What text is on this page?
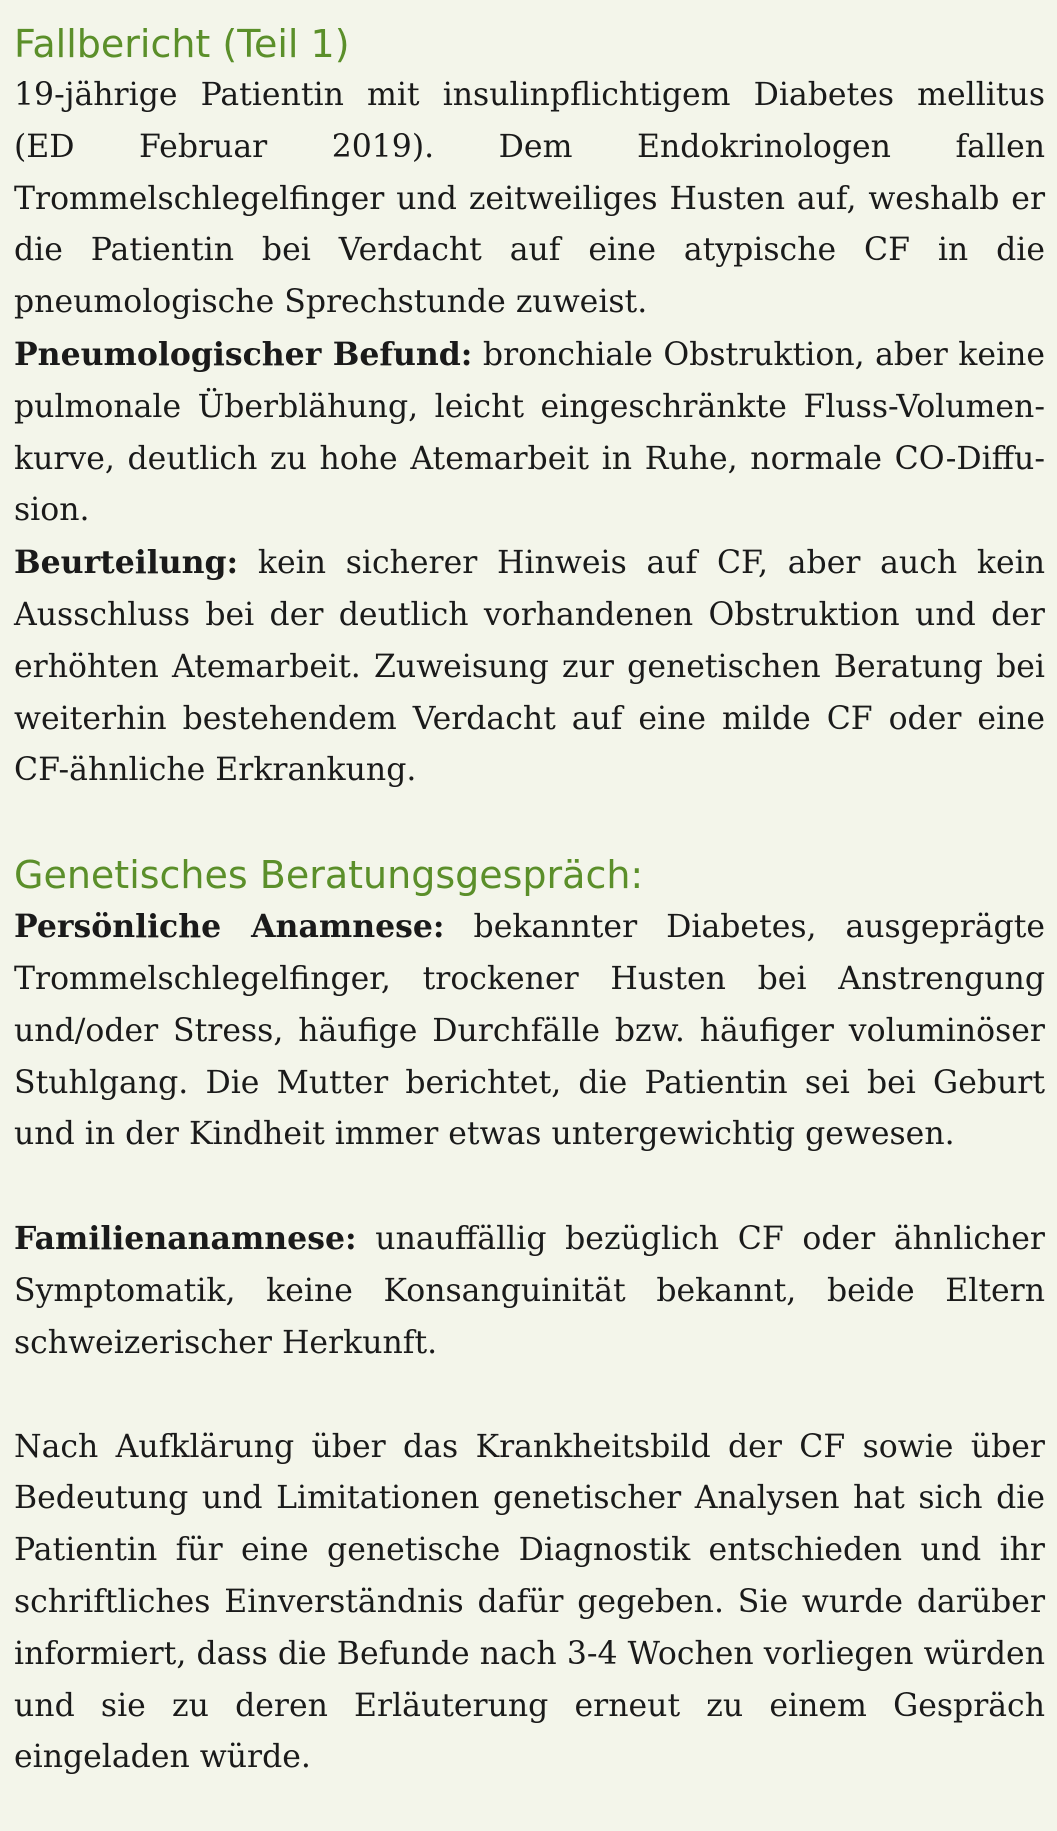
Fallbericht (Teil 1)

19-jährige Patientin mit insulinpflichtigem Diabetes mellitus (ED Februar 2019). Dem Endokrinologen fallen Trommelschlegelfinger und zeitweiliges Husten auf, weshalb er die Patientin bei Verdacht auf eine atypische CF in die pneumologische Sprechstunde zuweist.

Pneumologischer Befund: bronchiale Obstruktion, aber keine pulmonale Überblähung, leicht eingeschränkte Fluss-Volumenkurve, deutlich zu hohe Atemarbeit in Ruhe, normale CO-Diffusion.

Beurteilung: kein sicherer Hinweis auf CF, aber auch kein Ausschluss bei der deutlich vorhandenen Obstruktion und der erhöhten Atemarbeit. Zuweisung zur genetischen Beratung bei weiterhin bestehendem Verdacht auf eine milde CF oder eine CF-ähnliche Erkrankung.

Genetisches Beratungsgespräch:

Persönliche Anamnese: bekannter Diabetes, ausgeprägte Trommelschlegelfinger, trockener Husten bei Anstrengung und/oder Stress, häufige Durchfälle bzw. häufiger voluminöser Stuhlgang. Die Mutter berichtet, die Patientin sei bei Geburt und in der Kindheit immer etwas untergewichtig gewesen.

Familienanamnese: unauffällig bezüglich CF oder ähnlicher Symptomatik, keine Konsanguinität bekannt, beide Eltern schweizerischer Herkunft.

Nach Aufklärung über das Krankheitsbild der CF sowie über Bedeutung und Limitationen genetischer Analysen hat sich die Patientin für eine genetische Diagnostik entschieden und ihr schriftliches Einverständnis dafür gegeben. Sie wurde darüber informiert, dass die Befunde nach 3-4 Wochen vorliegen würden und sie zu deren Erläuterung erneut zu einem Gespräch eingeladen würde.
